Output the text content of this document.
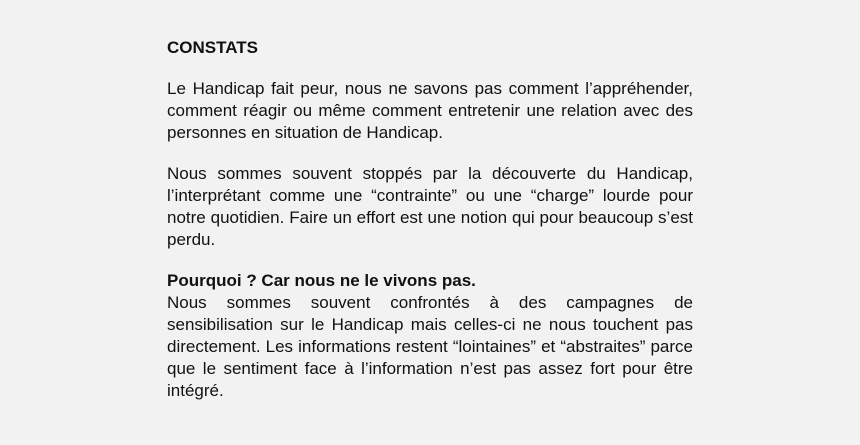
CONSTATS

Le Handicap fait peur, nous ne savons pas comment l’appréhender, comment réagir ou même comment entretenir une relation avec des personnes en situation de Handicap.

Nous sommes souvent stoppés par la découverte du Handicap, l’interprétant comme une “contrainte” ou une “charge” lourde pour notre quotidien. Faire un effort est une notion qui pour beaucoup s’est perdu.

Pourquoi ? Car nous ne le vivons pas.

Nous sommes souvent confrontés à des campagnes de sensibilisation sur le Handicap mais celles-ci ne nous touchent pas directement. Les informations restent “lointaines” et “abstraites” parce que le sentiment face à l’information n’est pas assez fort pour être intégré.
